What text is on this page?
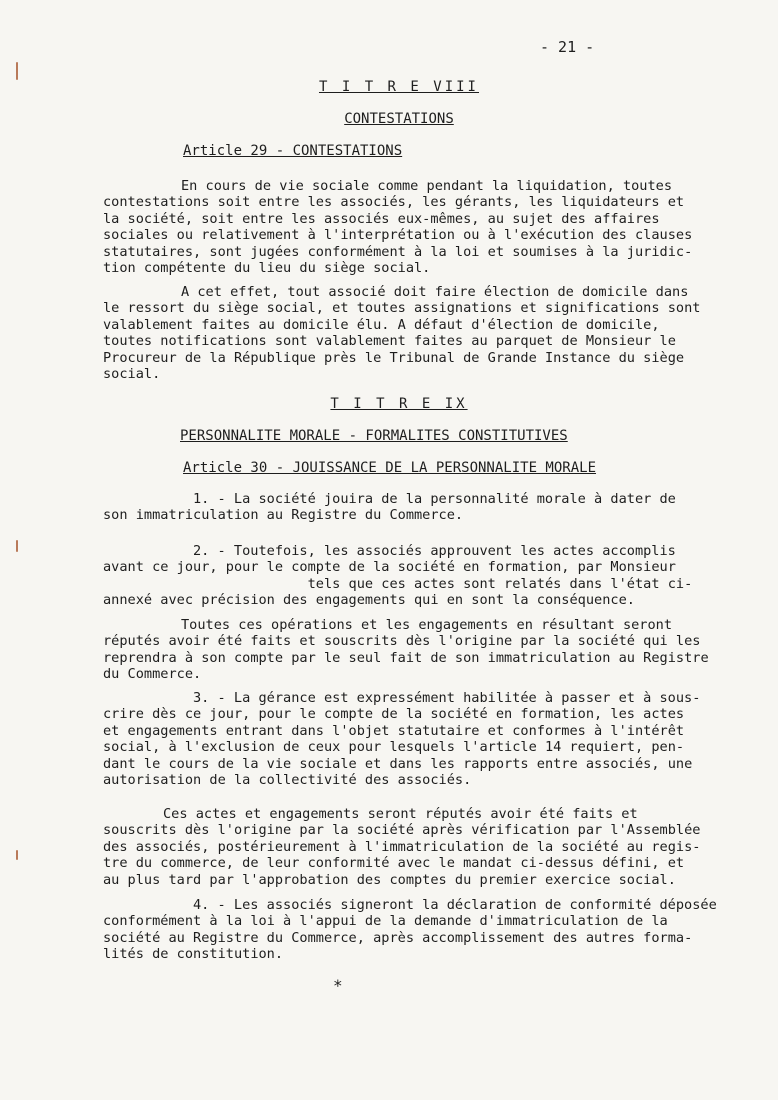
- 21 -
T I T R E VIII
CONTESTATIONS
Article 29 - CONTESTATIONS

En cours de vie sociale comme pendant la liquidation, toutes
contestations soit entre les associés, les gérants, les liquidateurs et
la société, soit entre les associés eux-mêmes, au sujet des affaires
sociales ou relativement à l'interprétation ou à l'exécution des clauses
statutaires, sont jugées conformément à la loi et soumises à la juridic-
tion compétente du lieu du siège social.

A cet effet, tout associé doit faire élection de domicile dans
le ressort du siège social, et toutes assignations et significations sont
valablement faites au domicile élu. A défaut d'élection de domicile,
toutes notifications sont valablement faites au parquet de Monsieur le
Procureur de la République près le Tribunal de Grande Instance du siège
social.

T I T R E IX
PERSONNALITE MORALE - FORMALITES CONSTITUTIVES
Article 30 - JOUISSANCE DE LA PERSONNALITE MORALE

1. - La société jouira de la personnalité morale à dater de
son immatriculation au Registre du Commerce.

2. - Toutefois, les associés approuvent les actes accomplis
avant ce jour, pour le compte de la société en formation, par Monsieur
tels que ces actes sont relatés dans l'état ci-
annexé avec précision des engagements qui en sont la conséquence.

Toutes ces opérations et les engagements en résultant seront
réputés avoir été faits et souscrits dès l'origine par la société qui les
reprendra à son compte par le seul fait de son immatriculation au Registre
du Commerce.

3. - La gérance est expressément habilitée à passer et à sous-
crire dès ce jour, pour le compte de la société en formation, les actes
et engagements entrant dans l'objet statutaire et conformes à l'intérêt
social, à l'exclusion de ceux pour lesquels l'article 14 requiert, pen-
dant le cours de la vie sociale et dans les rapports entre associés, une
autorisation de la collectivité des associés.

Ces actes et engagements seront réputés avoir été faits et
souscrits dès l'origine par la société après vérification par l'Assemblée
des associés, postérieurement à l'immatriculation de la société au regis-
tre du commerce, de leur conformité avec le mandat ci-dessus défini, et
au plus tard par l'approbation des comptes du premier exercice social.

4. - Les associés signeront la déclaration de conformité déposée
conformément à la loi à l'appui de la demande d'immatriculation de la
société au Registre du Commerce, après accomplissement des autres forma-
lités de constitution.

*
